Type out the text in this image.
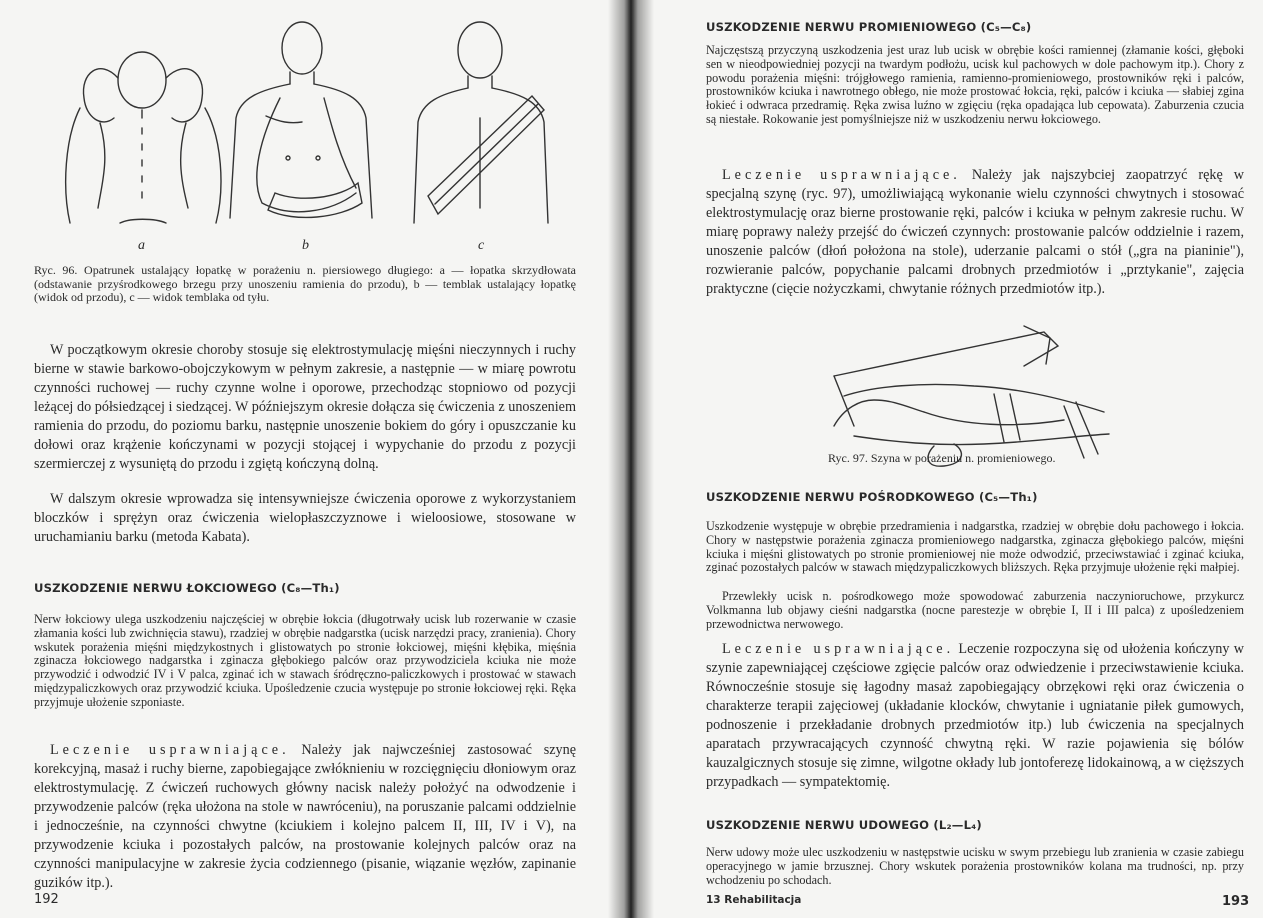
a	b	c
Ryc. 96. Opatrunek ustalający łopatkę w porażeniu n. piersiowego długiego: a — łopatka skrzydłowata (odstawanie przyśrodkowego brzegu przy unoszeniu ramienia do przodu), b — temblak ustalający łopatkę (widok od przodu), c — widok temblaka od tyłu.
W początkowym okresie choroby stosuje się elektrostymulację mięśni nieczynnych i ruchy bierne w stawie barkowo-obojczykowym w pełnym zakresie, a następnie — w miarę powrotu czynności ruchowej — ruchy czynne wolne i oporowe, przechodząc stopniowo od pozycji leżącej do półsiedzącej i siedzącej. W późniejszym okresie dołącza się ćwiczenia z unoszeniem ramienia do przodu, do poziomu barku, następnie unoszenie bokiem do góry i opuszczanie ku dołowi oraz krążenie kończynami w pozycji stojącej i wypychanie do przodu z pozycji szermierczej z wysuniętą do przodu i zgiętą kończyną dolną.
W dalszym okresie wprowadza się intensywniejsze ćwiczenia oporowe z wykorzystaniem bloczków i sprężyn oraz ćwiczenia wielopłaszczyznowe i wieloosiowe, stosowane w uruchamianiu barku (metoda Kabata).
USZKODZENIE NERWU ŁOKCIOWEGO (C₈—Th₁)
Nerw łokciowy ulega uszkodzeniu najczęściej w obrębie łokcia (długotrwały ucisk lub rozerwanie w czasie złamania kości lub zwichnięcia stawu), rzadziej w obrębie nadgarstka (ucisk narzędzi pracy, zranienia). Chory wskutek porażenia mięśni międzykostnych i glistowatych po stronie łokciowej, mięśni kłębika, mięśnia zginacza łokciowego nadgarstka i zginacza głębokiego palców oraz przywodziciela kciuka nie może przywodzić i odwodzić IV i V palca, zginać ich w stawach śródręczno-paliczkowych i prostować w stawach międzypaliczkowych oraz przywodzić kciuka. Upośledzenie czucia występuje po stronie łokciowej ręki. Ręka przyjmuje ułożenie szponiaste.
Leczenie usprawniające. Należy jak najwcześniej zastosować szynę korekcyjną, masaż i ruchy bierne, zapobiegające zwłóknieniu w rozcięgnięciu dłoniowym oraz elektrostymulację. Z ćwiczeń ruchowych główny nacisk należy położyć na odwodzenie i przywodzenie palców (ręka ułożona na stole w nawróceniu), na poruszanie palcami oddzielnie i jednocześnie, na czynności chwytne (kciukiem i kolejno palcem II, III, IV i V), na przywodzenie kciuka i pozostałych palców, na prostowanie kolejnych palców oraz na czynności manipulacyjne w zakresie życia codziennego (pisanie, wiązanie węzłów, zapinanie guzików itp.).
192
USZKODZENIE NERWU PROMIENIOWEGO (C₅—C₈)
Najczęstszą przyczyną uszkodzenia jest uraz lub ucisk w obrębie kości ramiennej (złamanie kości, głęboki sen w nieodpowiedniej pozycji na twardym podłożu, ucisk kul pachowych w dole pachowym itp.). Chory z powodu porażenia mięśni: trójgłowego ramienia, ramienno-promieniowego, prostowników ręki i palców, prostowników kciuka i nawrotnego obłego, nie może prostować łokcia, ręki, palców i kciuka — słabiej zgina łokieć i odwraca przedramię. Ręka zwisa luźno w zgięciu (ręka opadająca lub cepowata). Zaburzenia czucia są niestałe. Rokowanie jest pomyślniejsze niż w uszkodzeniu nerwu łokciowego.
Leczenie usprawniające. Należy jak najszybciej zaopatrzyć rękę w specjalną szynę (ryc. 97), umożliwiającą wykonanie wielu czynności chwytnych i stosować elektrostymulację oraz bierne prostowanie ręki, palców i kciuka w pełnym zakresie ruchu. W miarę poprawy należy przejść do ćwiczeń czynnych: prostowanie palców oddzielnie i razem, unoszenie palców (dłoń położona na stole), uderzanie palcami o stół („gra na pianinie"), rozwieranie palców, popychanie palcami drobnych przedmiotów i „prztykanie", zajęcia praktyczne (cięcie nożyczkami, chwytanie różnych przedmiotów itp.).
Ryc. 97. Szyna w porażeniu n. promieniowego.
USZKODZENIE NERWU POŚRODKOWEGO (C₅—Th₁)
Uszkodzenie występuje w obrębie przedramienia i nadgarstka, rzadziej w obrębie dołu pachowego i łokcia. Chory w następstwie porażenia zginacza promieniowego nadgarstka, zginacza głębokiego palców, mięśni kciuka i mięśni glistowatych po stronie promieniowej nie może odwodzić, przeciwstawiać i zginać kciuka, zginać pozostałych palców w stawach międzypaliczkowych bliższych. Ręka przyjmuje ułożenie ręki małpiej.
Przewlekły ucisk n. pośrodkowego może spowodować zaburzenia naczynioruchowe, przykurcz Volkmanna lub objawy cieśni nadgarstka (nocne parestezje w obrębie I, II i III palca) z upośledzeniem przewodnictwa nerwowego.
Leczenie usprawniające. Leczenie rozpoczyna się od ułożenia kończyny w szynie zapewniającej częściowe zgięcie palców oraz odwiedzenie i przeciwstawienie kciuka. Równocześnie stosuje się łagodny masaż zapobiegający obrzękowi ręki oraz ćwiczenia o charakterze terapii zajęciowej (układanie klocków, chwytanie i ugniatanie piłek gumowych, podnoszenie i przekładanie drobnych przedmiotów itp.) lub ćwiczenia na specjalnych aparatach przywracających czynność chwytną ręki. W razie pojawienia się bólów kauzalgicznych stosuje się zimne, wilgotne okłady lub jontoferezę lidokainową, a w cięższych przypadkach — sympatektomię.
USZKODZENIE NERWU UDOWEGO (L₂—L₄)
Nerw udowy może ulec uszkodzeniu w następstwie ucisku w swym przebiegu lub zranienia w czasie zabiegu operacyjnego w jamie brzusznej. Chory wskutek porażenia prostowników kolana ma trudności, np. przy wchodzeniu po schodach.
13 Rehabilitacja	193
